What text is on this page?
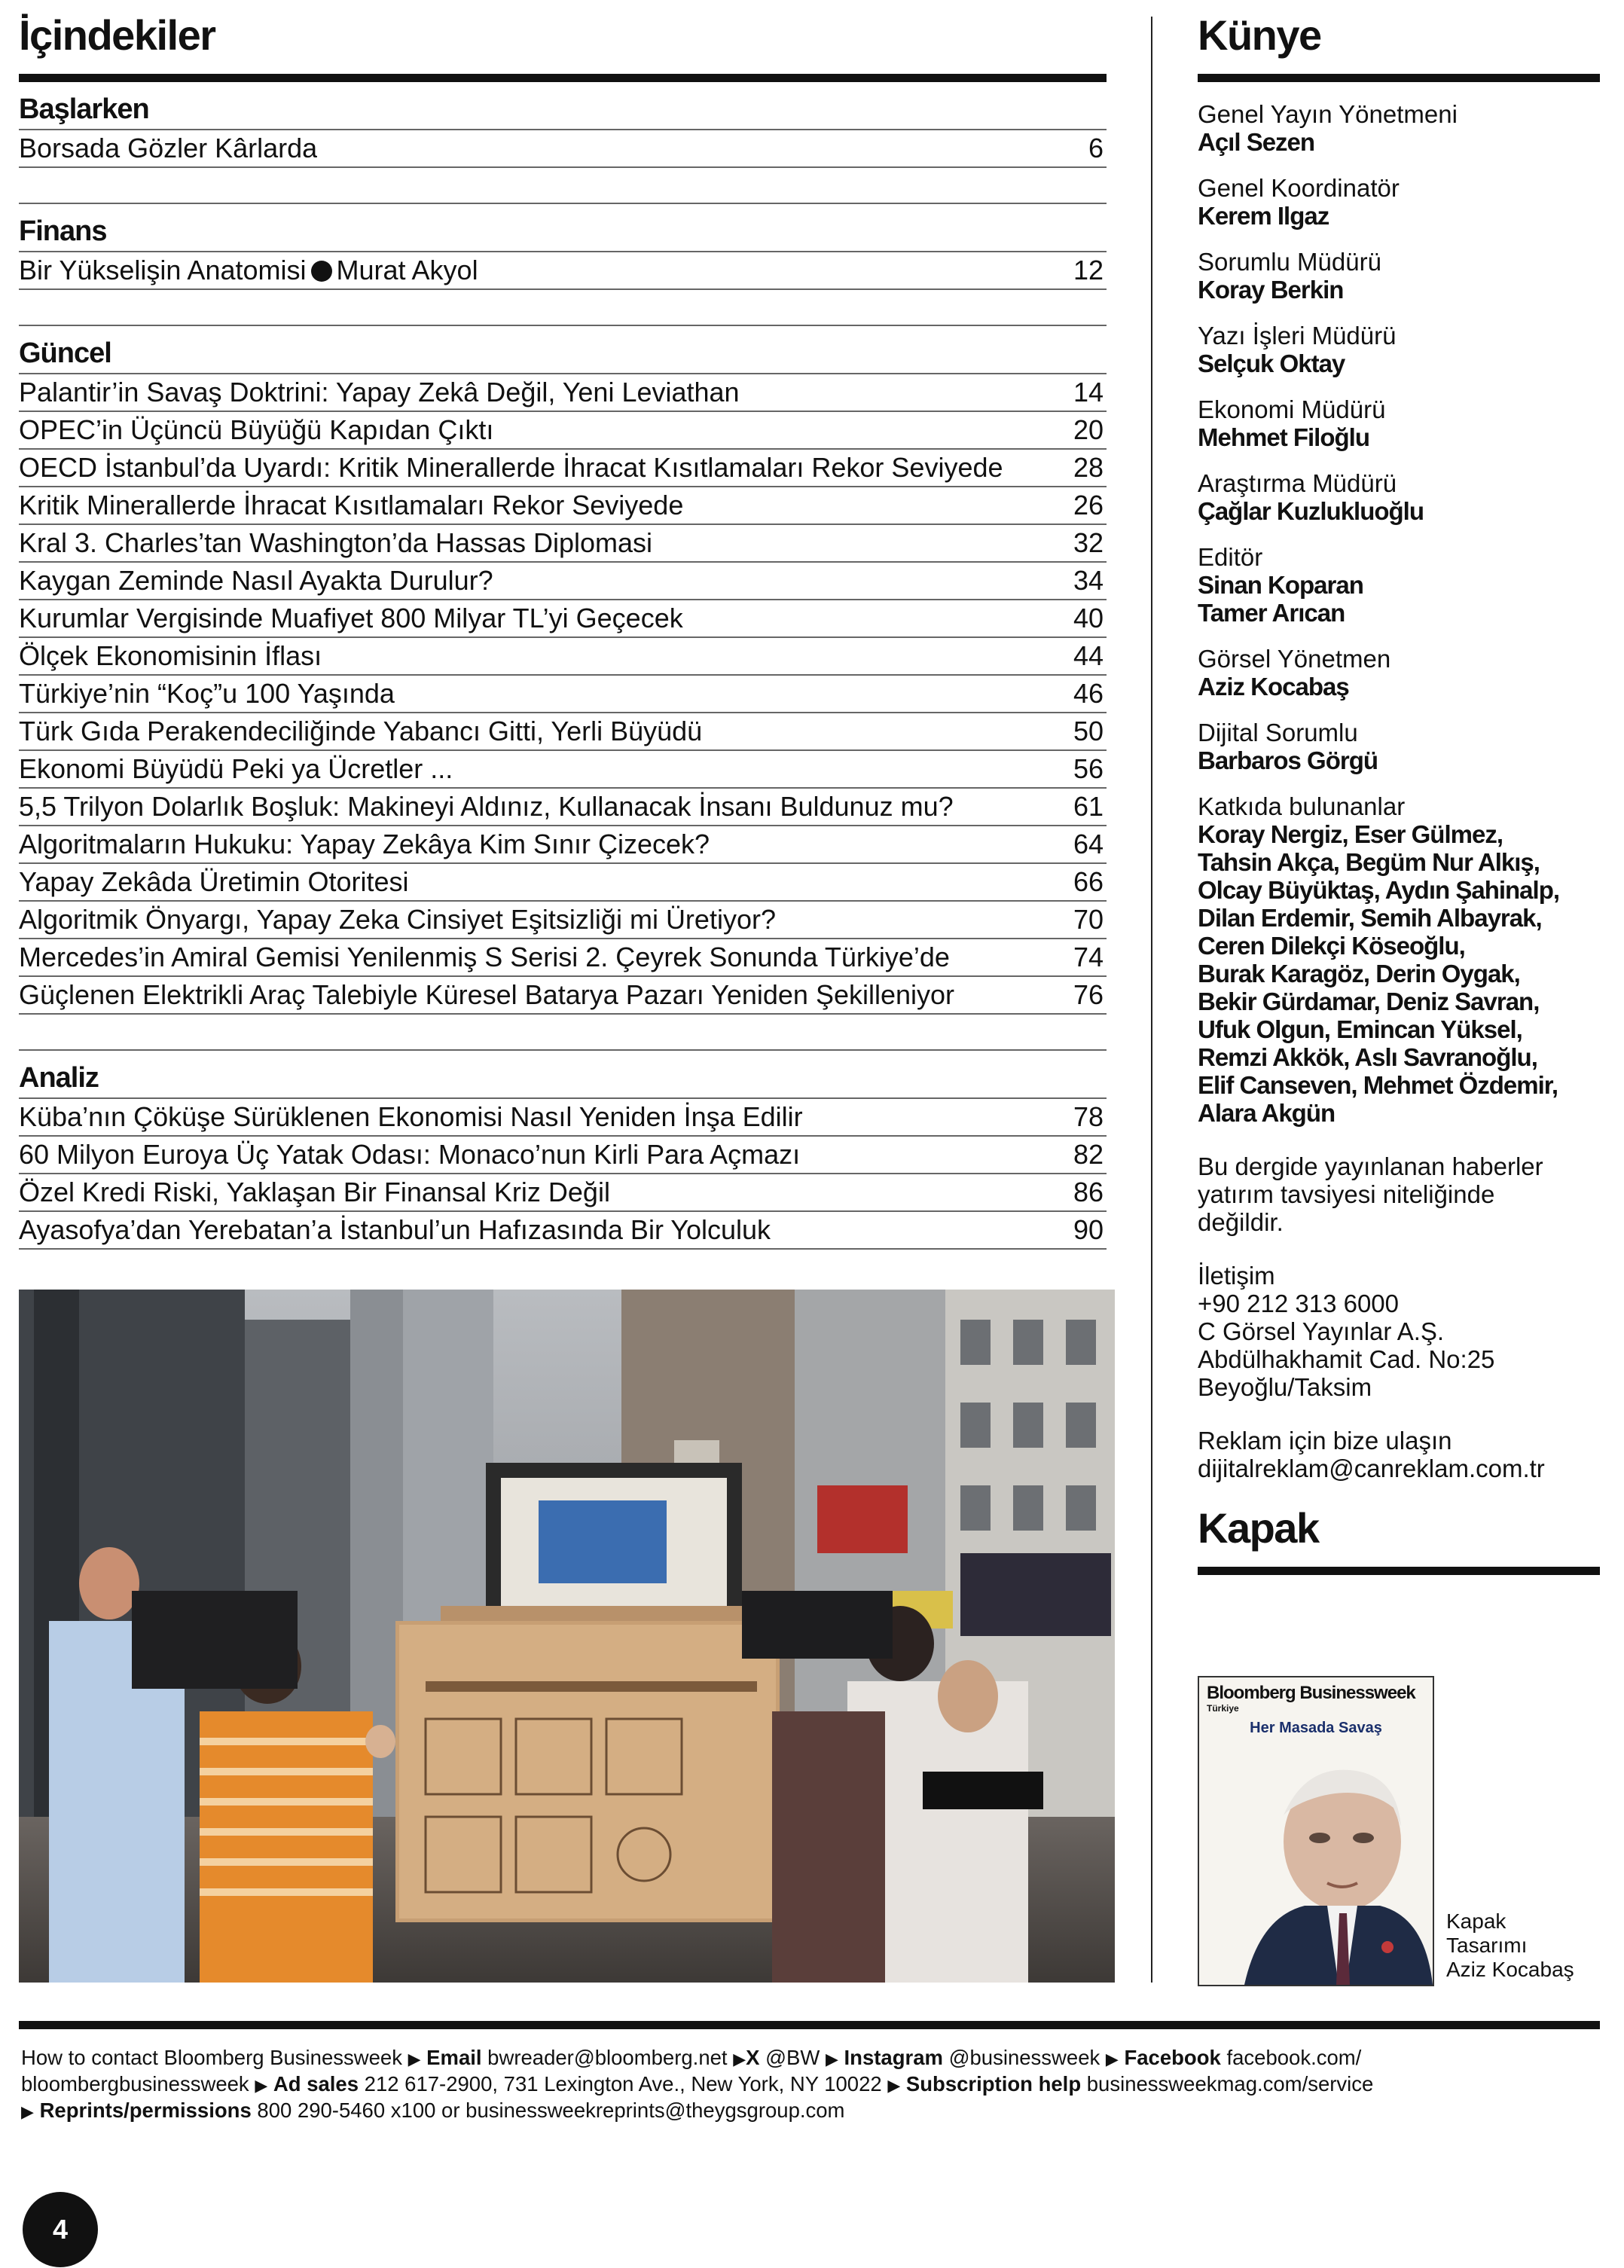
İçindekiler
Başlarken
Borsada Gözler Kârlarda	6
Finans
Bir Yükselişin Anatomisi Murat Akyol	12
Güncel
Palantir’in Savaş Doktrini: Yapay Zekâ Değil, Yeni Leviathan	14
OPEC’in Üçüncü Büyüğü Kapıdan Çıktı	20
OECD İstanbul’da Uyardı: Kritik Minerallerde İhracat Kısıtlamaları Rekor Seviyede	28
Kritik Minerallerde İhracat Kısıtlamaları Rekor Seviyede	26
Kral 3. Charles’tan Washington’da Hassas Diplomasi	32
Kaygan Zeminde Nasıl Ayakta Durulur?	34
Kurumlar Vergisinde Muafiyet 800 Milyar TL’yi Geçecek	40
Ölçek Ekonomisinin İflası	44
Türkiye’nin “Koç”u 100 Yaşında	46
Türk Gıda Perakendeciliğinde Yabancı Gitti, Yerli Büyüdü	50
Ekonomi Büyüdü Peki ya Ücretler ...	56
5,5 Trilyon Dolarlık Boşluk: Makineyi Aldınız, Kullanacak İnsanı Buldunuz mu?	61
Algoritmaların Hukuku: Yapay Zekâya Kim Sınır Çizecek?	64
Yapay Zekâda Üretimin Otoritesi	66
Algoritmik Önyargı, Yapay Zeka Cinsiyet Eşitsizliği mi Üretiyor?	70
Mercedes’in Amiral Gemisi Yenilenmiş S Serisi 2. Çeyrek Sonunda Türkiye’de	74
Güçlenen Elektrikli Araç Talebiyle Küresel Batarya Pazarı Yeniden Şekilleniyor	76
Analiz
Küba’nın Çöküşe Sürüklenen Ekonomisi Nasıl Yeniden İnşa Edilir	78
60 Milyon Euroya Üç Yatak Odası: Monaco’nun Kirli Para Açmazı	82
Özel Kredi Riski, Yaklaşan Bir Finansal Kriz Değil	86
Ayasofya’dan Yerebatan’a İstanbul’un Hafızasında Bir Yolculuk	90
Künye
Genel Yayın Yönetmeni
Açıl Sezen
Genel Koordinatör
Kerem Ilgaz
Sorumlu Müdürü
Koray Berkin
Yazı İşleri Müdürü
Selçuk Oktay
Ekonomi Müdürü
Mehmet Filoğlu
Araştırma Müdürü
Çağlar Kuzlukluoğlu
Editör
Sinan Koparan
Tamer Arıcan
Görsel Yönetmen
Aziz Kocabaş
Dijital Sorumlu
Barbaros Görgü
Katkıda bulunanlar
Koray Nergiz, Eser Gülmez,
Tahsin Akça, Begüm Nur Alkış,
Olcay Büyüktaş, Aydın Şahinalp,
Dilan Erdemir, Semih Albayrak,
Ceren Dilekçi Köseoğlu,
Burak Karagöz, Derin Oygak,
Bekir Gürdamar, Deniz Savran,
Ufuk Olgun, Emincan Yüksel,
Remzi Akkök, Aslı Savranoğlu,
Elif Canseven, Mehmet Özdemir,
Alara Akgün
Bu dergide yayınlanan haberler
yatırım tavsiyesi niteliğinde
değildir.
İletişim
+90 212 313 6000
C Görsel Yayınlar A.Ş.
Abdülhakhamit Cad. No:25
Beyoğlu/Taksim
Reklam için bize ulaşın
dijitalreklam@canreklam.com.tr
Kapak
Bloomberg Businessweek
Türkiye
Her Masada Savaş
Kapak
Tasarımı
Aziz Kocabaş
How to contact Bloomberg Businessweek ▶ Email bwreader@bloomberg.net ▶X @BW ▶ Instagram @businessweek ▶ Facebook facebook.com/
bloombergbusinessweek ▶ Ad sales 212 617-2900, 731 Lexington Ave., New York, NY 10022 ▶ Subscription help businessweekmag.com/service
▶ Reprints/permissions 800 290-5460 x100 or businessweekreprints@theygsgroup.com
4
